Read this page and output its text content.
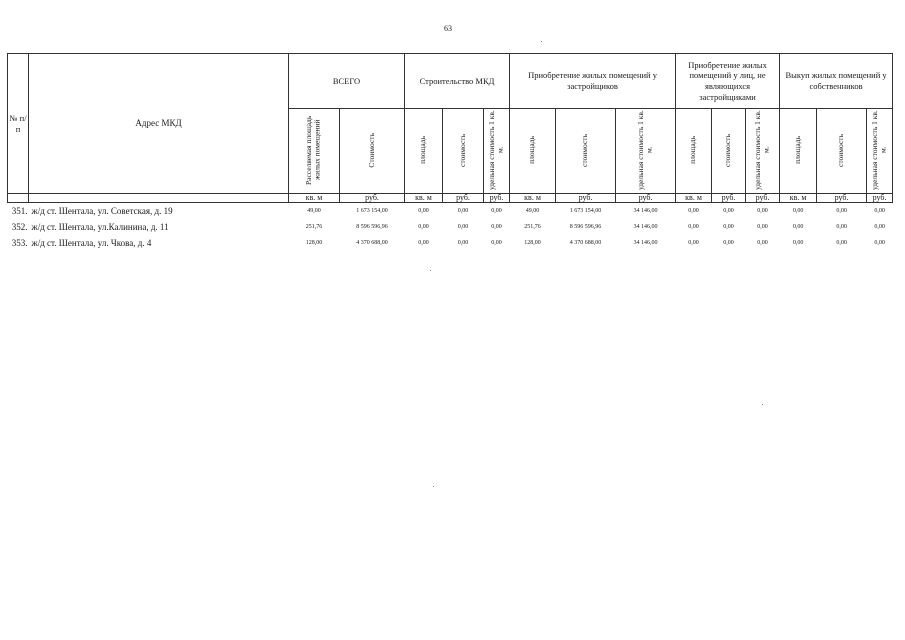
63
№ п/п	Адрес МКД	ВСЕГО		Строительство МКД			Приобретение жилых помещений у застройщиков			Приобретение жилых помещений у лиц, не являющихся застройщиками			Выкуп жилых помещений у собственников		
		Расселяемая площадь жилых помещений	Стоимость	площадь	стоимость	удельная стоимость 1 кв. м.	площадь	стоимость	удельная стоимость 1 кв. м.	площадь	стоимость	удельная стоимость 1 кв. м.	площадь	стоимость	удельная стоимость 1 кв. м.
		кв. м	руб.	кв. м	руб.	руб.	кв. м	руб.	руб.	кв. м	руб.	руб.	кв. м	руб.	руб.
351.	ж/д ст. Шентала, ул. Советская, д. 19	49,00	1 673 154,00	0,00	0,00	0,00	49,00	1 673 154,00	34 146,00	0,00	0,00	0,00	0,00	0,00	0,00
352.	ж/д ст. Шентала, ул.Калинина, д. 11	251,76	8 596 596,96	0,00	0,00	0,00	251,76	8 596 596,96	34 146,00	0,00	0,00	0,00	0,00	0,00	0,00
353.	ж/д ст. Шентала, ул. Чкова, д. 4	128,00	4 370 688,00	0,00	0,00	0,00	128,00	4 370 688,00	34 146,00	0,00	0,00	0,00	0,00	0,00	0,00
